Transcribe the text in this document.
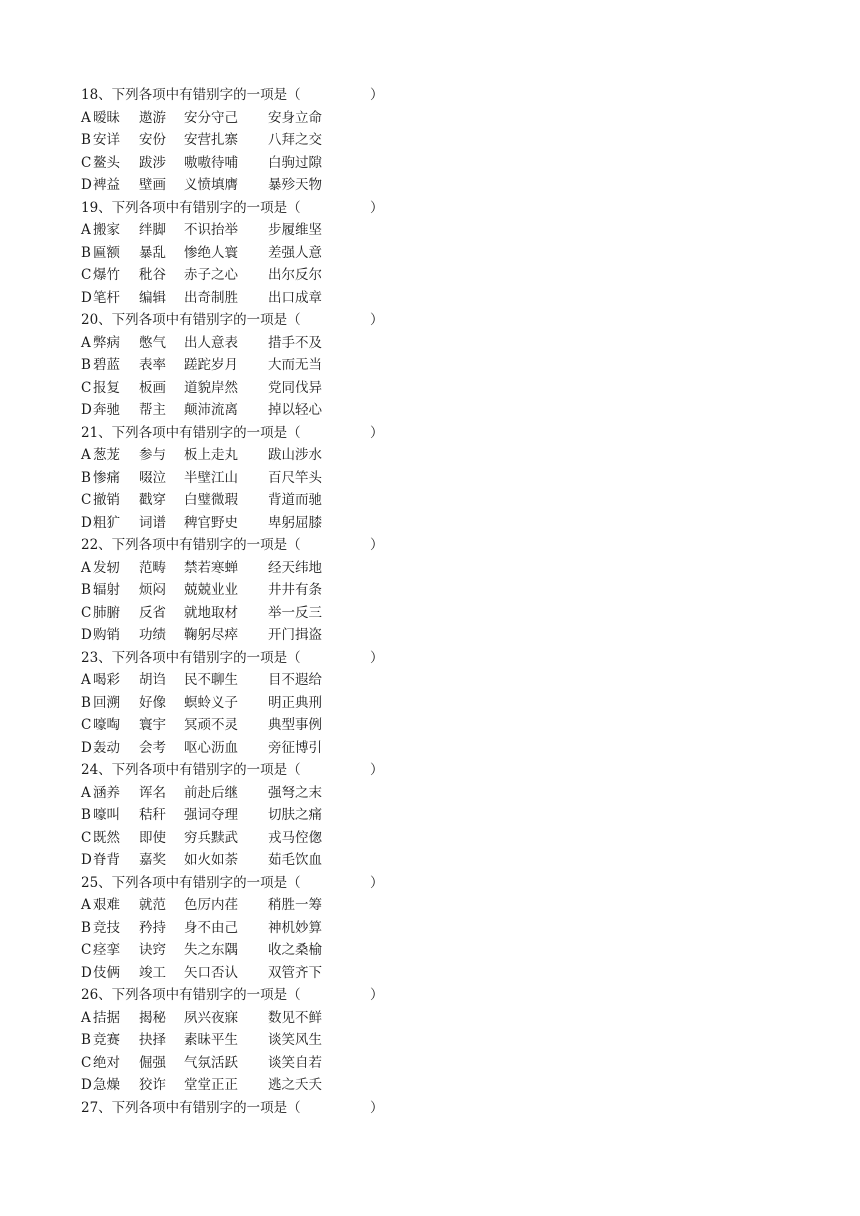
18、下列各项中有错别字的一项是（	）
A 暧昧 遨游 安分守己 安身立命
B 安详 安份 安营扎寨 八拜之交
C 鳌头 跋涉 嗷嗷待哺 白驹过隙
D 裨益 壁画 义愤填膺 暴殄天物
19、下列各项中有错别字的一项是（	）
A 搬家 绊脚 不识抬举 步履维坚
B 匾额 暴乱 惨绝人寰 差强人意
C 爆竹 秕谷 赤子之心 出尔反尔
D 笔杆 编辑 出奇制胜 出口成章
20、下列各项中有错别字的一项是（	）
A 弊病 憋气 出人意表 措手不及
B 碧蓝 表率 蹉跎岁月 大而无当
C 报复 板画 道貌岸然 党同伐异
D 奔驰 帮主 颠沛流离 掉以轻心
21、下列各项中有错别字的一项是（	）
A 葱茏 参与 板上走丸 跋山涉水
B 惨痛 啜泣 半壁江山 百尺竿头
C 撤销 戳穿 白璧微瑕 背道而驰
D 粗犷 词谱 稗官野史 卑躬屈膝
22、下列各项中有错别字的一项是（	）
A 发轫 范畴 禁若寒蝉 经天纬地
B 辐射 烦闷 兢兢业业 井井有条
C 肺腑 反省 就地取材 举一反三
D 购销 功绩 鞠躬尽瘁 开门揖盗
23、下列各项中有错别字的一项是（	）
A 喝彩 胡诌 民不聊生 目不遐给
B 回溯 好像 螟蛉义子 明正典刑
C 嚎啕 寰宇 冥顽不灵 典型事例
D 轰动 会考 呕心沥血 旁征博引
24、下列各项中有错别字的一项是（	）
A 涵养 诨名 前赴后继 强弩之末
B 嚎叫 秸秆 强词夺理 切肤之痛
C 既然 即使 穷兵黩武 戎马倥偬
D 脊背 嘉奖 如火如荼 茹毛饮血
25、下列各项中有错别字的一项是（	）
A 艰难 就范 色厉内荏 稍胜一筹
B 竞技 矜持 身不由己 神机妙算
C 痉挛 诀窍 失之东隅 收之桑榆
D 伎俩 竣工 矢口否认 双管齐下
26、下列各项中有错别字的一项是（	）
A 拮据 揭秘 夙兴夜寐 数见不鲜
B 竞赛 抉择 素昧平生 谈笑风生
C 绝对 倔强 气氛活跃 谈笑自若
D 急燥 狡诈 堂堂正正 逃之夭夭
27、下列各项中有错别字的一项是（	）
